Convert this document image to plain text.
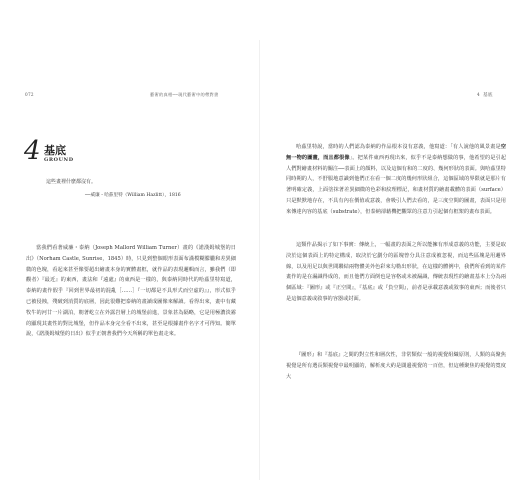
072	藝術的真相──現代藝術中的帶對書
4 基底
GROUND
這些畫裡什麼都沒有。
──威廉・哈茲里特（William Hazlitt），1816

當我們看著威廉・泰納（Joseph Mallord William Turner）畫的《諾漢姆城堡的日出》（Norham Castle, Sunrise，1845）時，只見到整個眼形表面布滿模糊朦朧和差異細微的色塊，看起來甚至像要超出繪畫本身的實體畫框，就作品的表現邏輯而言，雖我們（即觀者）『最近』的東西，畫法和『遠處』的東西是一樣的，與泰納同時代的哈茲里特寫道，泰納的畫作假乎『回到世界最初的混亂［……］『一切都是不具形式而空虛的』』，形式似乎已被侵蝕，殘破到消質的底層，因此很難把泰納的畫讀成圖像來解讀。看得出來，畫中有藏牧牛的河廿一片湖泊，朝著屹立在外露岩層上的城堡前進，景象甚為隔略，它是用極濃淡霧的顯現其畫性的對比城堡，但作品本身完全看不出來，甚至是根據畫作名字才可得知。簡單說，《諾漢姆城堡的日出》似乎正朝著我們今天所稱的單色畫走來。

4 基底

哈茲里特說，當時的人們認為泰納的作品根本沒有意義，他寫道：「有人說他的風景畫是空無一物的圖畫，而且都很像」。把某件東西再現出來，似乎不是泰納想做的事，他希望的是引起人們對繪畫材料的關注──表面上的顏料，以及這個有和的二度的、幾何形狀的表面。與哈茲里特同時期的人，不舒服地意識到他們正在看一個二度的幾何形狀組合，這個區域的界限就是那片有著明確定義，上面塗抹著差異細微的色彩和紋理標記，和畫材質的繪畫載體的表面（surface）只是默默地存在，不具有內在價值或意義，會吸引人們去看的，是三度空間的圖畫，表面只是用來傳達內容的基底（substrate），但泰納卻藉機把觀眾的注意力引起個有框架的畫布表面。

這類作品揭示了如下事實：傳統上，一幅畫的表面之所以能擁有形成意義的功能，主要是取決於這個表面上的特定構成，取決於它劃分的區塊曾分具注意成被忽視，而這些區塊是用邏界線，以及用足以與世間聯結兩物體美外色彩來勾勒出形狀，在這樣的體例中，我們所看到的某件畫作的是在漏識得成的，而且他們方面倒也是容格或未被漏識，傳統表現性的繪畫基本上分為兩個區域：『圖形』或『正空間』，『基底』或『負空間』，前者是承載意義或敘事的東西；而後者只是這個意義或敘事的容器或封面。

『圖形』和『基底』之間的對立性和層次性，非常類似一般的視覺組織原則，人類的高聚焦視覺是所有選長類視覺中最明顯的，解析度大約是闊邊視覺的一百倍，但這種聚焦的視覺的寬度大
